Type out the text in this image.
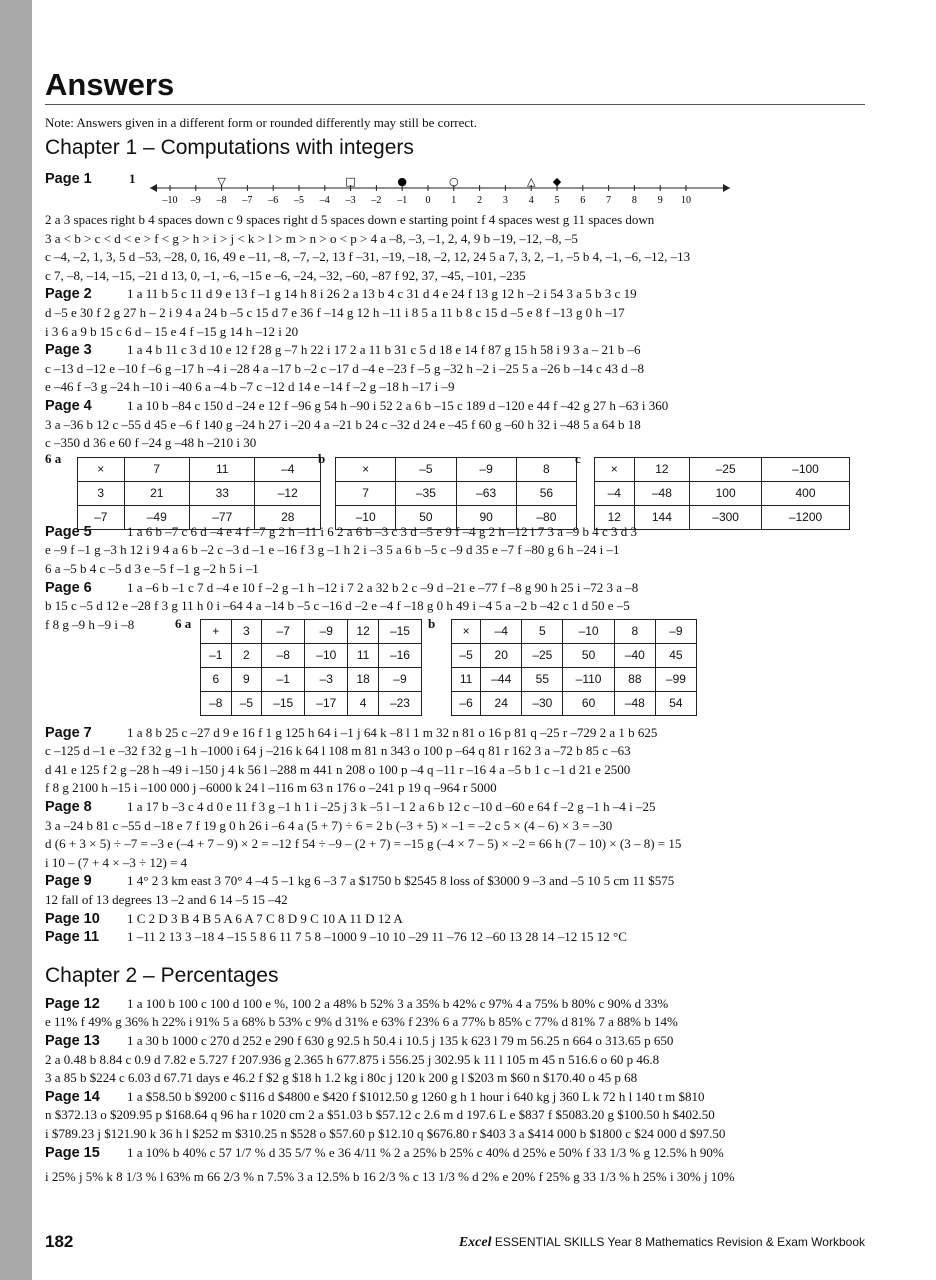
Answers
Note: Answers given in a different form or rounded differently may still be correct.
Chapter 1 – Computations with integers
Page 1	1
–10 –9 –8 –7 –6 –5 –4 –3 –2 –1 0 1 2 3 4 5 6 7 8 9 10
▽	□	●	○	△ ◆
2 a 3 spaces right b 4 spaces down c 9 spaces right d 5 spaces down e starting point f 4 spaces west g 11 spaces down
3 a < b > c < d < e > f < g > h > i > j < k > l > m > n > o < p > 4 a –8, –3, –1, 2, 4, 9 b –19, –12, –8, –5
c –4, –2, 1, 3, 5 d –53, –28, 0, 16, 49 e –11, –8, –7, –2, 13 f –31, –19, –18, –2, 12, 24 5 a 7, 3, 2, –1, –5 b 4, –1, –6, –12, –13
c 7, –8, –14, –15, –21 d 13, 0, –1, –6, –15 e –6, –24, –32, –60, –87 f 92, 37, –45, –101, –235
Page 2	1 a 11 b 5 c 11 d 9 e 13 f –1 g 14 h 8 i 26 2 a 13 b 4 c 31 d 4 e 24 f 13 g 12 h –2 i 54 3 a 5 b 3 c 19
d –5 e 30 f 2 g 27 h – 2 i 9 4 a 24 b –5 c 15 d 7 e 36 f –14 g 12 h –11 i 8 5 a 11 b 8 c 15 d –5 e 8 f –13 g 0 h –17
i 3 6 a 9 b 15 c 6 d – 15 e 4 f –15 g 14 h –12 i 20
Page 3	1 a 4 b 11 c 3 d 10 e 12 f 28 g –7 h 22 i 17 2 a 11 b 31 c 5 d 18 e 14 f 87 g 15 h 58 i 9 3 a – 21 b –6
c –13 d –12 e –10 f –6 g –17 h –4 i –28 4 a –17 b –2 c –17 d –4 e –23 f –5 g –32 h –2 i –25 5 a –26 b –14 c 43 d –8
e –46 f –3 g –24 h –10 i –40 6 a –4 b –7 c –12 d 14 e –14 f –2 g –18 h –17 i –9
Page 4	1 a 10 b –84 c 150 d –24 e 12 f –96 g 54 h –90 i 52 2 a 6 b –15 c 189 d –120 e 44 f –42 g 27 h –63 i 360
3 a –36 b 12 c –55 d 45 e –6 f 140 g –24 h 27 i –20 4 a –21 b 24 c –32 d 24 e –45 f 60 g –60 h 32 i –48 5 a 64 b 18
c –350 d 36 e 60 f –24 g –48 h –210 i 30
6 a
×	7	11	–4
3	21	33	–12
–7	–49	–77	28
b
×	–5	–9	8
7	–35	–63	56
–10	50	90	–80
c
×	12	–25	–100
–4	–48	100	400
12	144	–300	–1200
Page 5	1 a 6 b –7 c 6 d –4 e 4 f –7 g 2 h –11 i 6 2 a 6 b –3 c 3 d –5 e 9 f –4 g 2 h –12 i 7 3 a –9 b 4 c 3 d 3
e –9 f –1 g –3 h 12 i 9 4 a 6 b –2 c –3 d –1 e –16 f 3 g –1 h 2 i –3 5 a 6 b –5 c –9 d 35 e –7 f –80 g 6 h –24 i –1
6 a –5 b 4 c –5 d 3 e –5 f –1 g –2 h 5 i –1
Page 6	1 a –6 b –1 c 7 d –4 e 10 f –2 g –1 h –12 i 7 2 a 32 b 2 c –9 d –21 e –77 f –8 g 90 h 25 i –72 3 a –8
b 15 c –5 d 12 e –28 f 3 g 11 h 0 i –64 4 a –14 b –5 c –16 d –2 e –4 f –18 g 0 h 49 i –4 5 a –2 b –42 c 1 d 50 e –5
f 8 g –9 h –9 i –8	6 a
+	3	–7	–9	12	–15
–1	2	–8	–10	11	–16
6	9	–1	–3	18	–9
–8	–5	–15	–17	4	–23
b
×	–4	5	–10	8	–9
–5	20	–25	50	–40	45
11	–44	55	–110	88	–99
–6	24	–30	60	–48	54
Page 7	1 a 8 b 25 c –27 d 9 e 16 f 1 g 125 h 64 i –1 j 64 k –8 l 1 m 32 n 81 o 16 p 81 q –25 r –729 2 a 1 b 625
c –125 d –1 e –32 f 32 g –1 h –1000 i 64 j –216 k 64 l 108 m 81 n 343 o 100 p –64 q 81 r 162 3 a –72 b 85 c –63
d 41 e 125 f 2 g –28 h –49 i –150 j 4 k 56 l –288 m 441 n 208 o 100 p –4 q –11 r –16 4 a –5 b 1 c –1 d 21 e 2500
f 8 g 2100 h –15 i –100 000 j –6000 k 24 l –116 m 63 n 176 o –241 p 19 q –964 r 5000
Page 8	1 a 17 b –3 c 4 d 0 e 11 f 3 g –1 h 1 i –25 j 3 k –5 l –1 2 a 6 b 12 c –10 d –60 e 64 f –2 g –1 h –4 i –25
3 a –24 b 81 c –55 d –18 e 7 f 19 g 0 h 26 i –6 4 a (5 + 7) ÷ 6 = 2 b (–3 + 5) × –1 = –2 c 5 × (4 – 6) × 3 = –30
d (6 + 3 × 5) ÷ –7 = –3 e (–4 + 7 – 9) × 2 = –12 f 54 ÷ –9 – (2 + 7) = –15 g (–4 × 7 – 5) × –2 = 66 h (7 – 10) × (3 – 8) = 15
i 10 – (7 + 4 × –3 ÷ 12) = 4
Page 9	1 4° 2 3 km east 3 70° 4 –4 5 –1 kg 6 –3 7 a $1750 b $2545 8 loss of $3000 9 –3 and –5 10 5 cm 11 $575
12 fall of 13 degrees 13 –2 and 6 14 –5 15 –42
Page 10 1 C 2 D 3 B 4 B 5 A 6 A 7 C 8 D 9 C 10 A 11 D 12 A
Page 11 1 –11 2 13 3 –18 4 –15 5 8 6 11 7 5 8 –1000 9 –10 10 –29 11 –76 12 –60 13 28 14 –12 15 12 °C
Chapter 2 – Percentages
Page 12 1 a 100 b 100 c 100 d 100 e %, 100 2 a 48% b 52% 3 a 35% b 42% c 97% 4 a 75% b 80% c 90% d 33%
e 11% f 49% g 36% h 22% i 91% 5 a 68% b 53% c 9% d 31% e 63% f 23% 6 a 77% b 85% c 77% d 81% 7 a 88% b 14%
Page 13 1 a 30 b 1000 c 270 d 252 e 290 f 630 g 92.5 h 50.4 i 10.5 j 135 k 623 l 79 m 56.25 n 664 o 313.65 p 650
2 a 0.48 b 8.84 c 0.9 d 7.82 e 5.727 f 207.936 g 2.365 h 677.875 i 556.25 j 302.95 k 11 l 105 m 45 n 516.6 o 60 p 46.8
3 a 85 b $224 c 6.03 d 67.71 days e 46.2 f $2 g $18 h 1.2 kg i 80c j 120 k 200 g l $203 m $60 n $170.40 o 45 p 68
Page 14 1 a $58.50 b $9200 c $116 d $4800 e $420 f $1012.50 g 1260 g h 1 hour i 640 kg j 360 L k 72 h l 140 t m $810
n $372.13 o $209.95 p $168.64 q 96 ha r 1020 cm 2 a $51.03 b $57.12 c 2.6 m d 197.6 L e $837 f $5083.20 g $100.50 h $402.50
i $789.23 j $121.90 k 36 h l $252 m $310.25 n $528 o $57.60 p $12.10 q $676.80 r $403 3 a $414 000 b $1800 c $24 000 d $97.50
Page 15 1 a 10% b 40% c 57 1/7 % d 35 5/7 % e 36 4/11 % 2 a 25% b 25% c 40% d 25% e 50% f 33 1/3 % g 12.5% h 90%
i 25% j 5% k 8 1/3 % l 63% m 66 2/3 % n 7.5% 3 a 12.5% b 16 2/3 % c 13 1/3 % d 2% e 20% f 25% g 33 1/3 % h 25% i 30% j 10%
182	Excel ESSENTIAL SKILLS Year 8 Mathematics Revision & Exam Workbook
